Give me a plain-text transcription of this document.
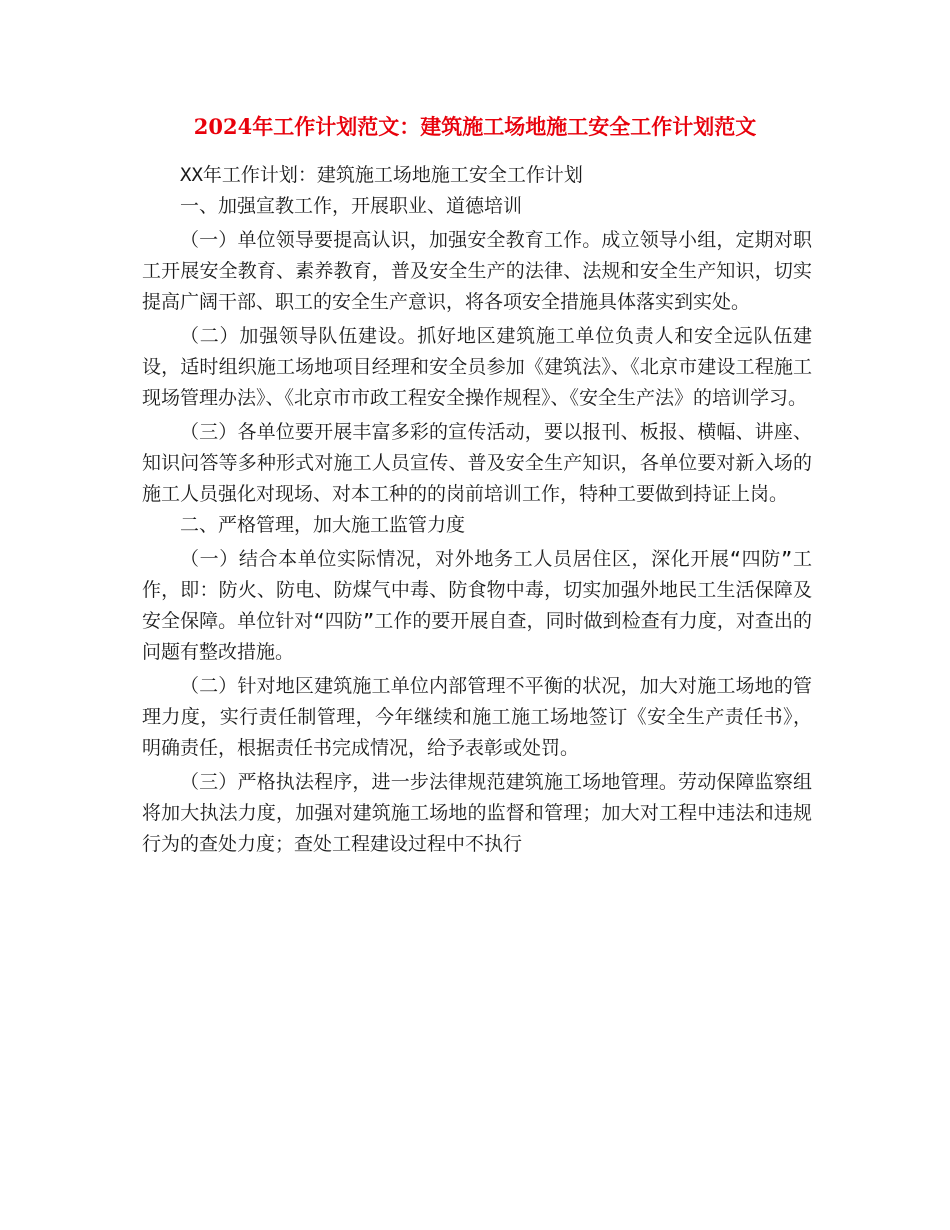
2024年工作计划范文：建筑施工场地施工安全工作计划范文

XX年工作计划：建筑施工场地施工安全工作计划

一、加强宣教工作，开展职业、道德培训

（一）单位领导要提高认识，加强安全教育工作。成立领导小组，定期对职工开展安全教育、素养教育，普及安全生产的法律、法规和安全生产知识，切实提高广阔干部、职工的安全生产意识，将各项安全措施具体落实到实处。

（二）加强领导队伍建设。抓好地区建筑施工单位负责人和安全远队伍建设，适时组织施工场地项目经理和安全员参加《建筑法》、《北京市建设工程施工现场管理办法》、《北京市市政工程安全操作规程》、《安全生产法》的培训学习。

（三）各单位要开展丰富多彩的宣传活动，要以报刊、板报、横幅、讲座、知识问答等多种形式对施工人员宣传、普及安全生产知识，各单位要对新入场的施工人员强化对现场、对本工种的的岗前培训工作，特种工要做到持证上岗。

二、严格管理，加大施工监管力度

（一）结合本单位实际情况，对外地务工人员居住区，深化开展“四防”工作，即：防火、防电、防煤气中毒、防食物中毒，切实加强外地民工生活保障及安全保障。单位针对“四防”工作的要开展自查，同时做到检查有力度，对查出的问题有整改措施。

（二）针对地区建筑施工单位内部管理不平衡的状况，加大对施工场地的管理力度，实行责任制管理，今年继续和施工施工场地签订《安全生产责任书》，明确责任，根据责任书完成情况，给予表彰或处罚。

（三）严格执法程序，进一步法律规范建筑施工场地管理。劳动保障监察组将加大执法力度，加强对建筑施工场地的监督和管理；加大对工程中违法和违规行为的查处力度；查处工程建设过程中不执行
